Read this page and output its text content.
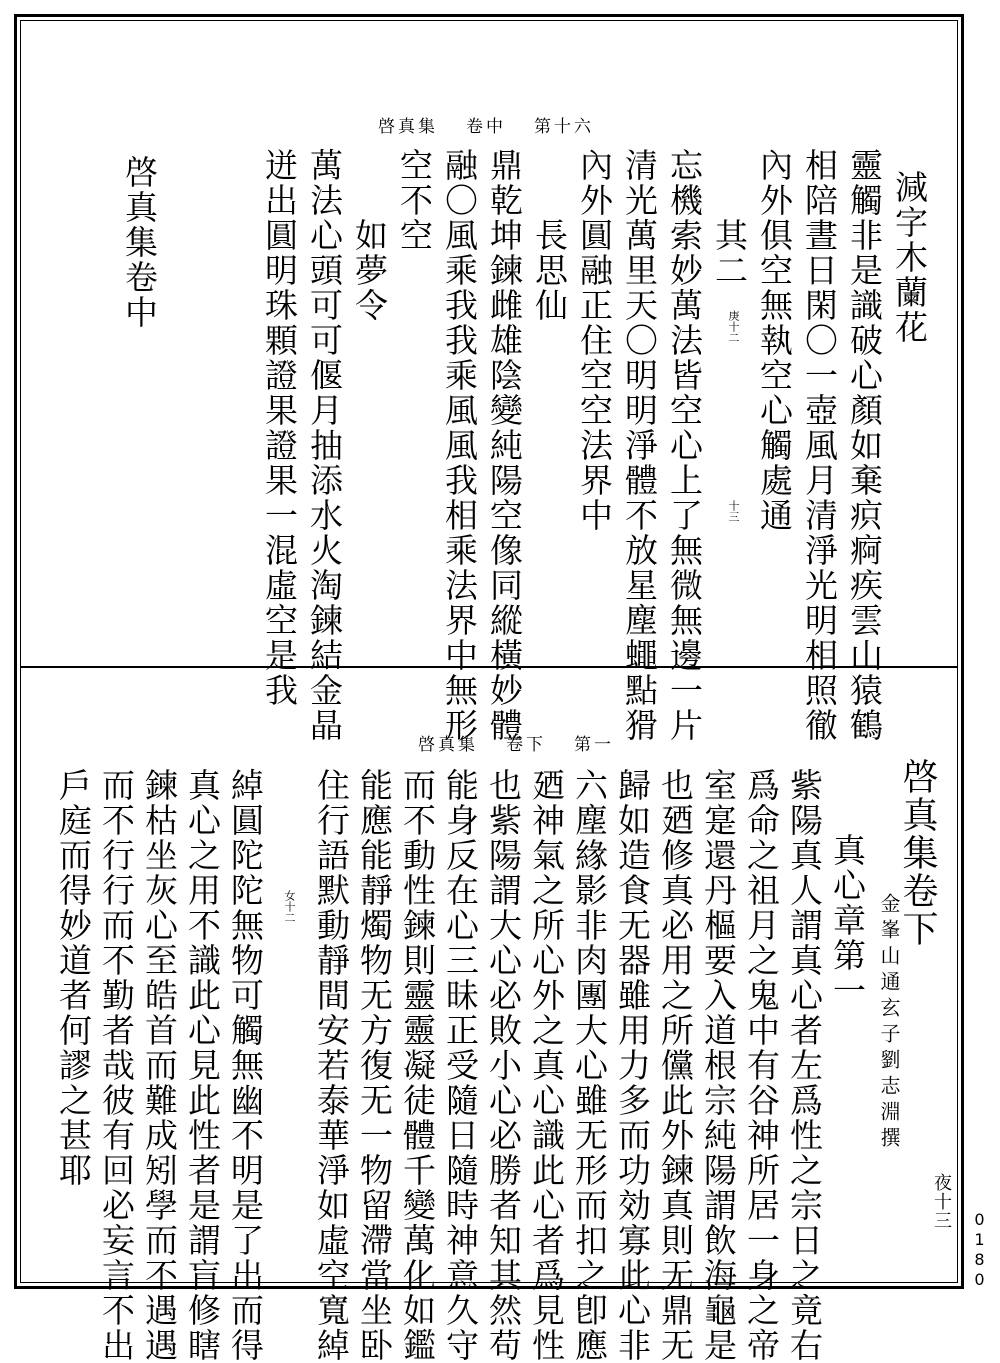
啓真集 卷中 第十六
減字木蘭花
靈觸非是識破心顏如棄疻痾疾雲山猿鶴
相陪晝日閑〇一壺風月清淨光明相照徹
內外俱空無執空心觸處通
其二
忘機索妙萬法皆空心上了無微無邊一片
清光萬里天〇明明淨體不放星塵蠅點猾
內外圓融正住空空法界中
長思仙
鼎乾坤鍊雌雄陰變純陽空像同縱橫妙體
融〇風乘我我乘風風我相乘法界中無形
空不空
如夢令
萬法心頭可可偃月抽添水火淘鍊結金晶
迸出圓明珠顆證果證果一混虛空是我
啓真集卷中	庚十二
十三
啓真集 卷下 第一
夜十三
啓真集卷下
金峯山通玄子劉志淵撰
真心章第一
紫陽真人謂真心者左爲性之宗日之竟右
爲命之祖月之鬼中有谷神所居一身之帝
室寔還丹樞要入道根宗純陽謂飲海龜是
也廼修真必用之所儻此外鍊真則无鼎无
歸如造食无器雖用力多而功効寡此心非
六塵緣影非肉團大心雖无形而扣之卽應
廼神氣之所心外之真心識此心者爲見性
也紫陽謂大心必敗小心必勝者知其然苟
能身反在心三昧正受隨日隨時神意久守
而不動性鍊則靈靈凝徒體千變萬化如鑑
能應能靜燭物无方復无一物留滯當坐卧
住行語默動靜間安若泰華淨如虛空寬綽
綽圓陀陀無物可觸無幽不明是了出而得
真心之用不識此心見此性者是謂盲修瞎
鍊枯坐灰心至皓首而難成矧學而不遇遇
而不行行而不勤者哉彼有回必妄言不出
戶庭而得妙道者何謬之甚耶	女十二
0180
